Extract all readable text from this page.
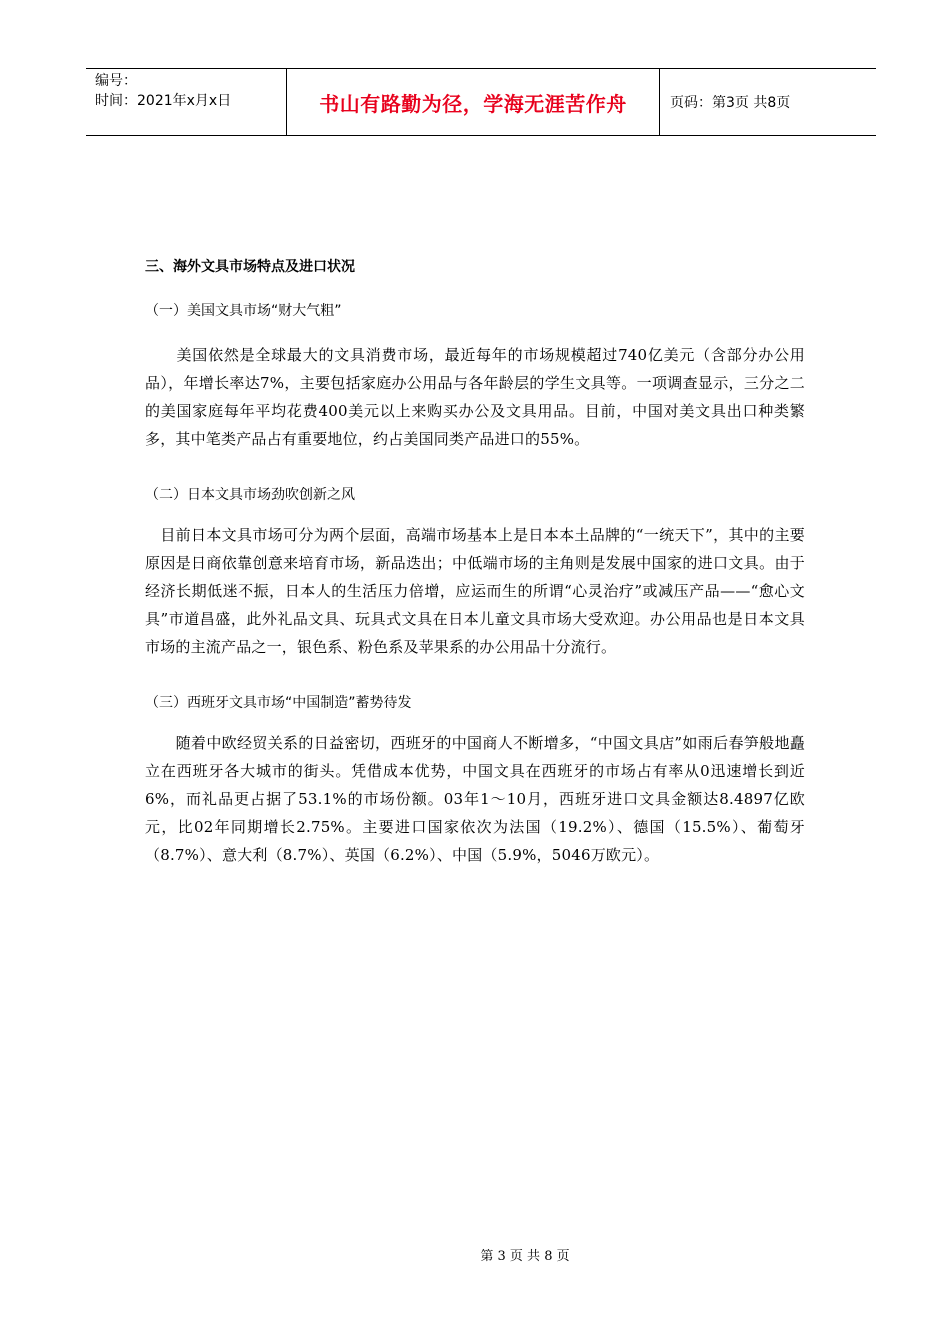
编号：
时间：2021年x月x日	书山有路勤为径，学海无涯苦作舟	页码：第3页 共8页

三、海外文具市场特点及进口状况

（一）美国文具市场“财大气粗”

　　美国依然是全球最大的文具消费市场，最近每年的市场规模超过740亿美元（含部分办公用品），年增长率达7%，主要包括家庭办公用品与各年龄层的学生文具等。一项调查显示，三分之二的美国家庭每年平均花费400美元以上来购买办公及文具用品。目前，中国对美文具出口种类繁多，其中笔类产品占有重要地位，约占美国同类产品进口的55%。

（二）日本文具市场劲吹创新之风

　目前日本文具市场可分为两个层面，高端市场基本上是日本本土品牌的“一统天下”，其中的主要原因是日商依靠创意来培育市场，新品迭出；中低端市场的主角则是发展中国家的进口文具。由于经济长期低迷不振，日本人的生活压力倍增，应运而生的所谓“心灵治疗”或减压产品——“愈心文具”市道昌盛，此外礼品文具、玩具式文具在日本儿童文具市场大受欢迎。办公用品也是日本文具市场的主流产品之一，银色系、粉色系及苹果系的办公用品十分流行。

（三）西班牙文具市场“中国制造”蓄势待发

　　随着中欧经贸关系的日益密切，西班牙的中国商人不断增多，“中国文具店”如雨后春笋般地矗立在西班牙各大城市的街头。凭借成本优势，中国文具在西班牙的市场占有率从0迅速增长到近6%，而礼品更占据了53.1%的市场份额。03年1～10月，西班牙进口文具金额达8.4897亿欧元，比02年同期增长2.75%。主要进口国家依次为法国（19.2%）、德国（15.5%）、葡萄牙（8.7%）、意大利（8.7%）、英国（6.2%）、中国（5.9%，5046万欧元）。

第 3 页 共 8 页
